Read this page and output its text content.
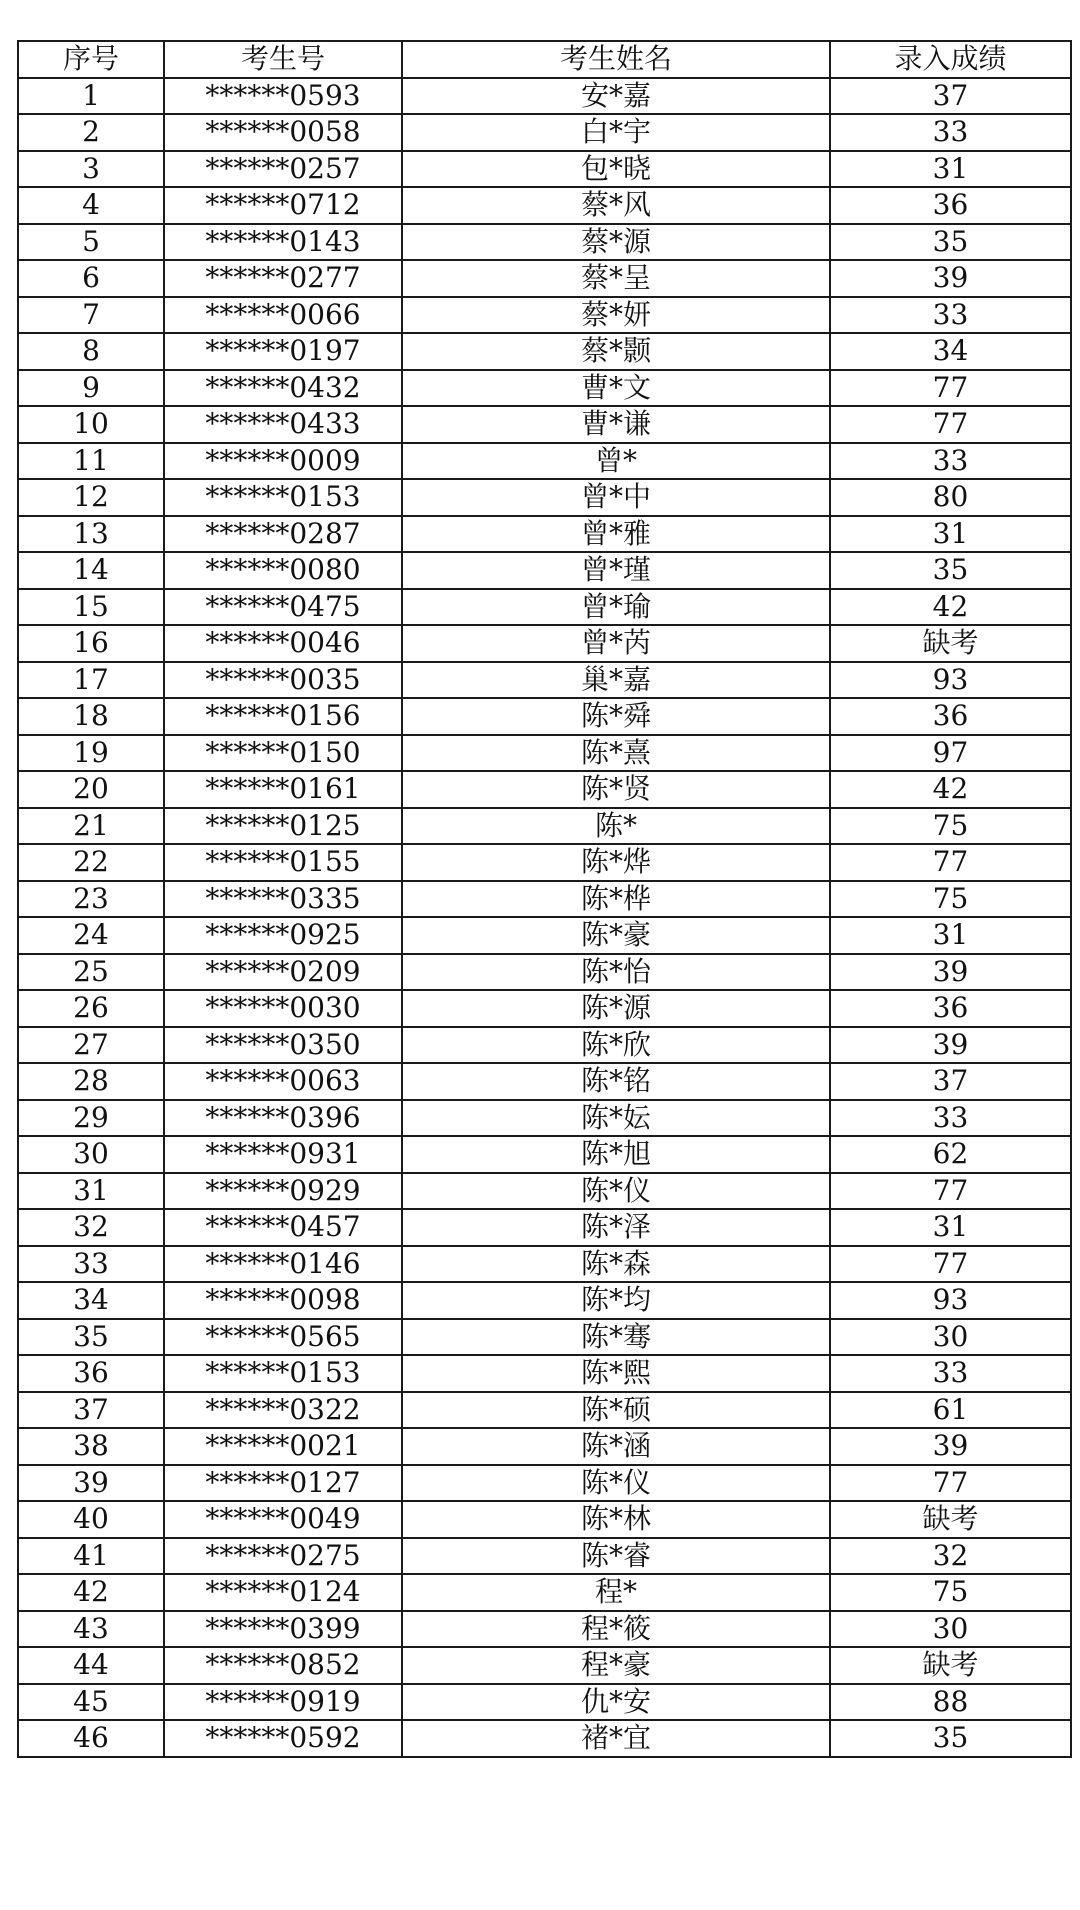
序号	考生号	考生姓名	录入成绩
1	******0593	安*嘉	37
2	******0058	白*宇	33
3	******0257	包*晓	31
4	******0712	蔡*风	36
5	******0143	蔡*源	35
6	******0277	蔡*呈	39
7	******0066	蔡*妍	33
8	******0197	蔡*颢	34
9	******0432	曹*文	77
10	******0433	曹*谦	77
11	******0009	曾*	33
12	******0153	曾*中	80
13	******0287	曾*雅	31
14	******0080	曾*瑾	35
15	******0475	曾*瑜	42
16	******0046	曾*芮	缺考
17	******0035	巢*嘉	93
18	******0156	陈*舜	36
19	******0150	陈*熹	97
20	******0161	陈*贤	42
21	******0125	陈*	75
22	******0155	陈*烨	77
23	******0335	陈*桦	75
24	******0925	陈*豪	31
25	******0209	陈*怡	39
26	******0030	陈*源	36
27	******0350	陈*欣	39
28	******0063	陈*铭	37
29	******0396	陈*妘	33
30	******0931	陈*旭	62
31	******0929	陈*仪	77
32	******0457	陈*泽	31
33	******0146	陈*森	77
34	******0098	陈*均	93
35	******0565	陈*骞	30
36	******0153	陈*熙	33
37	******0322	陈*硕	61
38	******0021	陈*涵	39
39	******0127	陈*仪	77
40	******0049	陈*林	缺考
41	******0275	陈*睿	32
42	******0124	程*	75
43	******0399	程*筱	30
44	******0852	程*豪	缺考
45	******0919	仇*安	88
46	******0592	褚*宜	35
